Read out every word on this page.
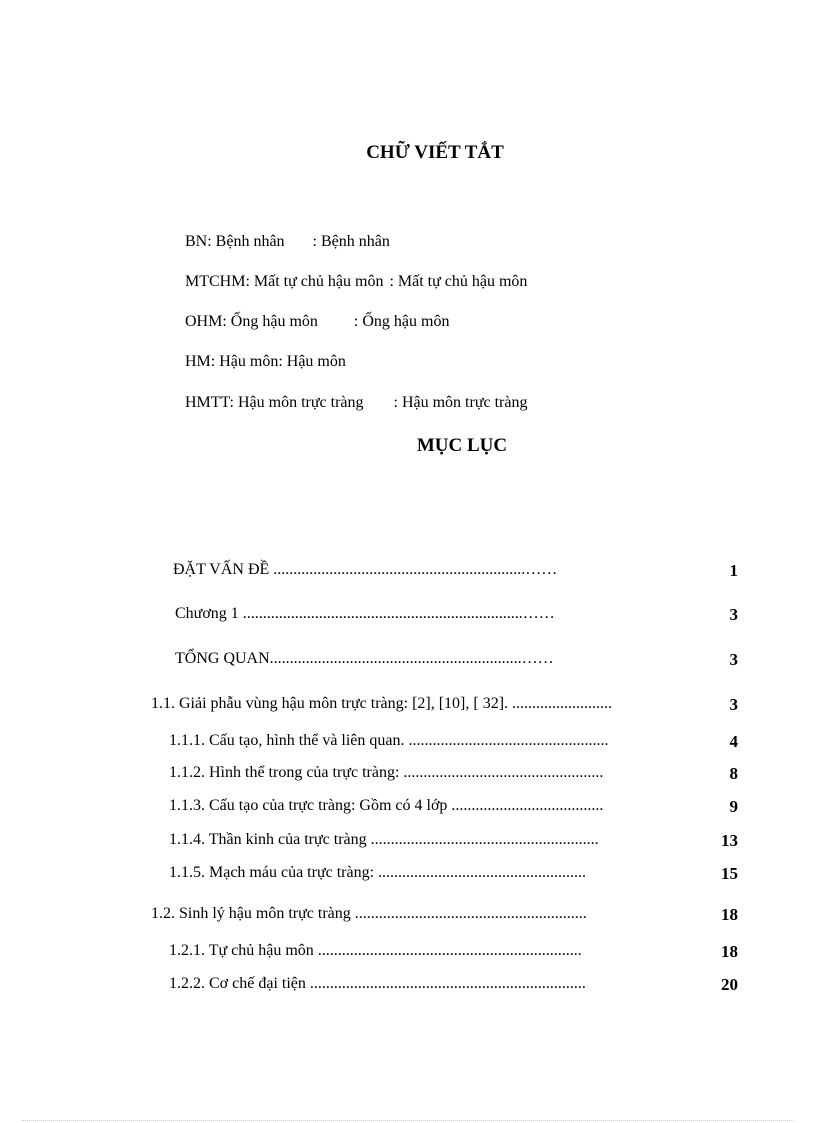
CHỮ VIẾT TẮT
BN: Bệnh nhân : Bệnh nhân
MTCHM: Mất tự chủ hậu môn : Mất tự chủ hậu môn
OHM: Ống hậu môn : Ống hậu môn
HM: Hậu môn: Hậu môn
HMTT: Hậu môn trực tràng : Hậu môn trực tràng
MỤC LỤC
ĐẶT VẤN ĐỀ ...............................................................……	1
Chương 1 ......................................................................……	3
TỔNG QUAN...............................................................……	3
1.1. Giải phẫu vùng hậu môn trực tràng: [2], [10], [ 32]. .........................	3
1.1.1. Cấu tạo, hình thể và liên quan. ..................................................	4
1.1.2. Hình thể trong của trực tràng: ..................................................	8
1.1.3. Cấu tạo của trực tràng: Gồm có 4 lớp ......................................	9
1.1.4. Thần kinh của trực tràng .........................................................	13
1.1.5. Mạch máu của trực tràng: ....................................................	15
1.2. Sinh lý hậu môn trực tràng ..........................................................	18
1.2.1. Tự chủ hậu môn ..................................................................	18
1.2.2. Cơ chế đại tiện .....................................................................	20
